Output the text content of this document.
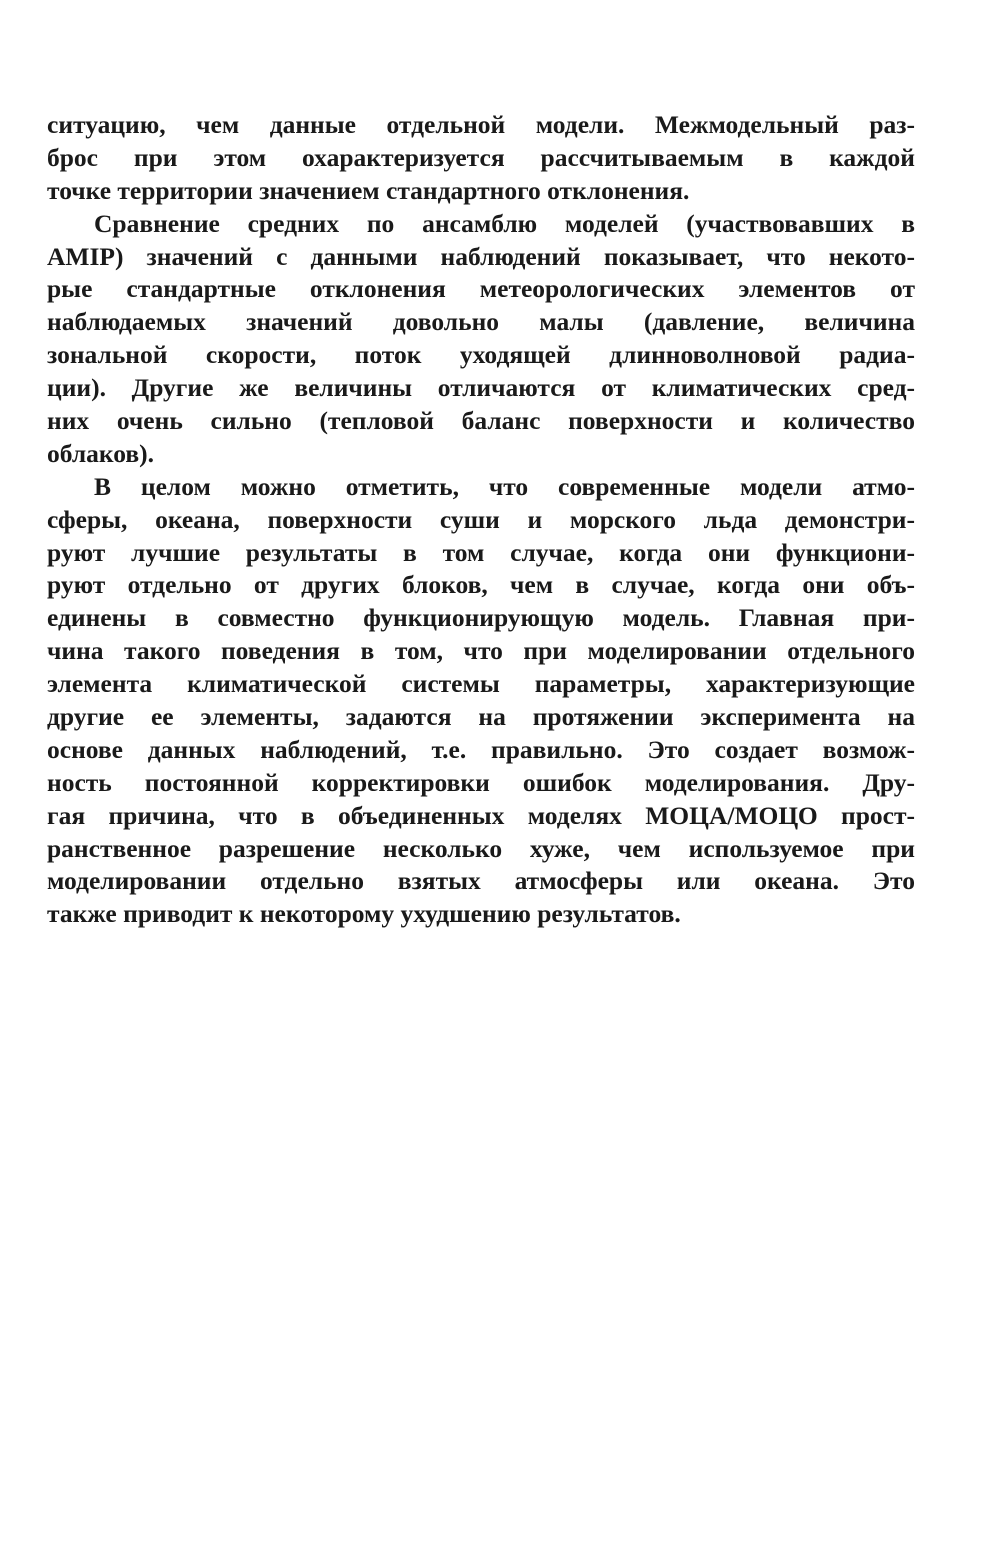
ситуацию, чем данные отдельной модели. Межмодельный раз-
брос при этом охарактеризуется рассчитываемым в каждой
точке территории значением стандартного отклонения.
Сравнение средних по ансамблю моделей (участвовавших в
AMIP) значений с данными наблюдений показывает, что некото-
рые стандартные отклонения метеорологических элементов от
наблюдаемых значений довольно малы (давление, величина
зональной скорости, поток уходящей длинноволновой радиа-
ции). Другие же величины отличаются от климатических сред-
них очень сильно (тепловой баланс поверхности и количество
облаков).
В целом можно отметить, что современные модели атмо-
сферы, океана, поверхности суши и морского льда демонстри-
руют лучшие результаты в том случае, когда они функциони-
руют отдельно от других блоков, чем в случае, когда они объ-
единены в совместно функционирующую модель. Главная при-
чина такого поведения в том, что при моделировании отдельного
элемента климатической системы параметры, характеризующие
другие ее элементы, задаются на протяжении эксперимента на
основе данных наблюдений, т.е. правильно. Это создает возмож-
ность постоянной корректировки ошибок моделирования. Дру-
гая причина, что в объединенных моделях МОЦА/МОЦО прост-
ранственное разрешение несколько хуже, чем используемое при
моделировании отдельно взятых атмосферы или океана. Это
также приводит к некоторому ухудшению результатов.
